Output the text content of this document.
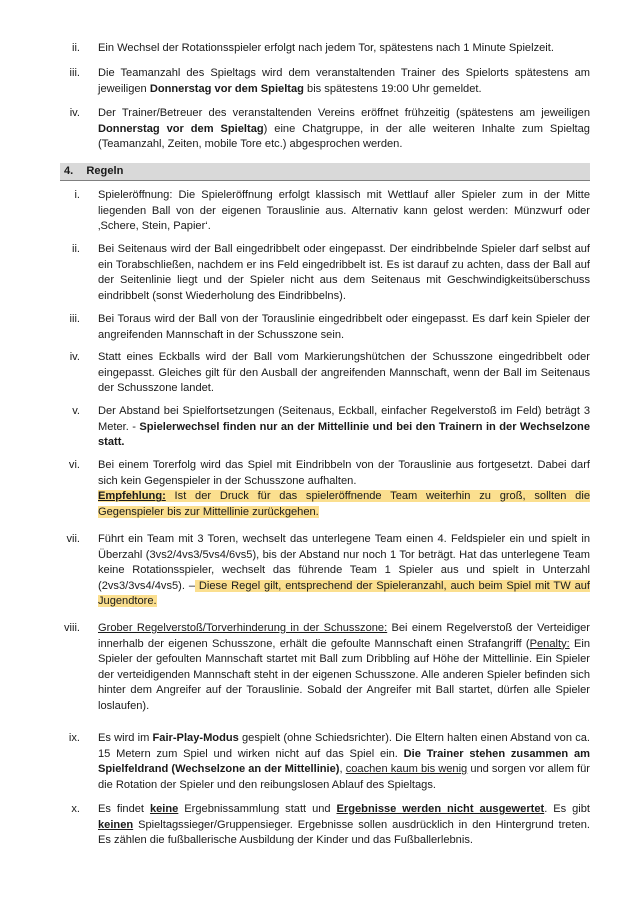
ii. Ein Wechsel der Rotationsspieler erfolgt nach jedem Tor, spätestens nach 1 Minute Spielzeit.
iii. Die Teamanzahl des Spieltags wird dem veranstaltenden Trainer des Spielorts spätestens am jeweiligen Donnerstag vor dem Spieltag bis spätestens 19:00 Uhr gemeldet.
iv. Der Trainer/Betreuer des veranstaltenden Vereins eröffnet frühzeitig (spätestens am jeweiligen Donnerstag vor dem Spieltag) eine Chatgruppe, in der alle weiteren Inhalte zum Spieltag (Teamanzahl, Zeiten, mobile Tore etc.) abgesprochen werden.
4. Regeln
i. Spieleröffnung: Die Spieleröffnung erfolgt klassisch mit Wettlauf aller Spieler zum in der Mitte liegenden Ball von der eigenen Torauslinie aus. Alternativ kann gelost werden: Münzwurf oder ‚Schere, Stein, Papier‘.
ii. Bei Seitenaus wird der Ball eingedribbelt oder eingepasst. Der eindribbelnde Spieler darf selbst auf ein Torabschließen, nachdem er ins Feld eingedribbelt ist. Es ist darauf zu achten, dass der Ball auf der Seitenlinie liegt und der Spieler nicht aus dem Seitenaus mit Geschwindigkeitsüberschuss eindribbelt (sonst Wiederholung des Eindribbelns).
iii. Bei Toraus wird der Ball von der Torauslinie eingedribbelt oder eingepasst. Es darf kein Spieler der angreifenden Mannschaft in der Schusszone sein.
iv. Statt eines Eckballs wird der Ball vom Markierungshütchen der Schusszone eingedribbelt oder eingepasst. Gleiches gilt für den Ausball der angreifenden Mannschaft, wenn der Ball im Seitenaus der Schusszone landet.
v. Der Abstand bei Spielfortsetzungen (Seitenaus, Eckball, einfacher Regelverstoß im Feld) beträgt 3 Meter. - Spielerwechsel finden nur an der Mittellinie und bei den Trainern in der Wechselzone statt.
vi. Bei einem Torerfolg wird das Spiel mit Eindribbeln von der Torauslinie aus fortgesetzt. Dabei darf sich kein Gegenspieler in der Schusszone aufhalten.

Empfehlung: Ist der Druck für das spieleröffnende Team weiterhin zu groß, sollten die Gegenspieler bis zur Mittellinie zurückgehen.

vii. Führt ein Team mit 3 Toren, wechselt das unterlegene Team einen 4. Feldspieler ein und spielt in Überzahl (3vs2/4vs3/5vs4/6vs5), bis der Abstand nur noch 1 Tor beträgt. Hat das unterlegene Team keine Rotationsspieler, wechselt das führende Team 1 Spieler aus und spielt in Unterzahl (2vs3/3vs4/4vs5). – Diese Regel gilt, entsprechend der Spieleranzahl, auch beim Spiel mit TW auf Jugendtore.
viii. Grober Regelverstoß/Torverhinderung in der Schusszone: Bei einem Regelverstoß der Verteidiger innerhalb der eigenen Schusszone, erhält die gefoulte Mannschaft einen Strafangriff (Penalty: Ein Spieler der gefoulten Mannschaft startet mit Ball zum Dribbling auf Höhe der Mittellinie. Ein Spieler der verteidigenden Mannschaft steht in der eigenen Schusszone. Alle anderen Spieler befinden sich hinter dem Angreifer auf der Torauslinie. Sobald der Angreifer mit Ball startet, dürfen alle Spieler loslaufen).
ix. Es wird im Fair-Play-Modus gespielt (ohne Schiedsrichter). Die Eltern halten einen Abstand von ca. 15 Metern zum Spiel und wirken nicht auf das Spiel ein. Die Trainer stehen zusammen am Spielfeldrand (Wechselzone an der Mittellinie), coachen kaum bis wenig und sorgen vor allem für die Rotation der Spieler und den reibungslosen Ablauf des Spieltags.
x. Es findet keine Ergebnissammlung statt und Ergebnisse werden nicht ausgewertet. Es gibt keinen Spieltagssieger/Gruppensieger. Ergebnisse sollen ausdrücklich in den Hintergrund treten. Es zählen die fußballerische Ausbildung der Kinder und das Fußballerlebnis.
